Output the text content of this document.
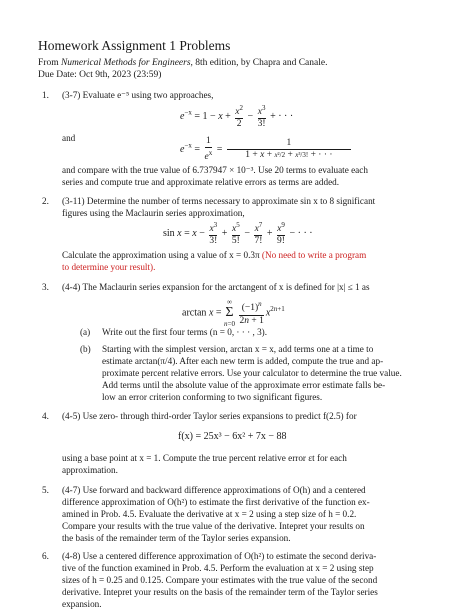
Homework Assignment 1 Problems
From Numerical Methods for Engineers, 8th edition, by Chapra and Canale.
Due Date: Oct 9th, 2023 (23:59)
1. (3-7) Evaluate e⁻⁵ using two approaches,
$e^{-x} = 1 - x + \frac{x^2}{2} - \frac{x^3}{3!}$ + · · ·
and
$e^{-x} = \frac{1}{e^x} = \frac{1}{\text{1 + x + x²/2 + x³/3! + · · ·}}$
and compare with the true value of 6.737947 × 10⁻³. Use 20 terms to evaluate each
series and compute true and approximate relative errors as terms are added.
2. (3-11) Determine the number of terms necessary to approximate sin x to 8 significant
figures using the Maclaurin series approximation,
$\sin x = x - \frac{x^3}{3!} + \frac{x^5}{5!} - \frac{x^7}{7!} + \frac{x^9}{9!}$ − · · ·
Calculate the approximation using a value of x = 0.3π (No need to write a program
to determine your result).
3. (4-4) The Maclaurin series expansion for the arctangent of x is defined for |x| ≤ 1 as
arctan x =
∞
Σ
n=0
$\frac{(-1)^n}{2n + 1} x^{2n+1}$
(a) Write out the first four terms (n = 0, · · · , 3).
(b) Starting with the simplest version, arctan x = x, add terms one at a time to
estimate arctan(π/4). After each new term is added, compute the true and ap-
proximate percent relative errors. Use your calculator to determine the true value.
Add terms until the absolute value of the approximate error estimate falls be-
low an error criterion conforming to two significant figures.
4. (4-5) Use zero- through third-order Taylor series expansions to predict f(2.5) for
f(x) = 25x³ − 6x² + 7x − 88
using a base point at x = 1. Compute the true percent relative error εt for each
approximation.
5. (4-7) Use forward and backward difference approximations of O(h) and a centered
difference approximation of O(h²) to estimate the first derivative of the function ex-
amined in Prob. 4.5. Evaluate the derivative at x = 2 using a step size of h = 0.2.
Compare your results with the true value of the derivative. Intepret your results on
the basis of the remainder term of the Taylor series expansion.
6. (4-8) Use a centered difference approximation of O(h²) to estimate the second deriva-
tive of the function examined in Prob. 4.5. Perform the evaluation at x = 2 using step
sizes of h = 0.25 and 0.125. Compare your estimates with the true value of the second
derivative. Intepret your results on the basis of the remainder term of the Taylor series
expansion.
